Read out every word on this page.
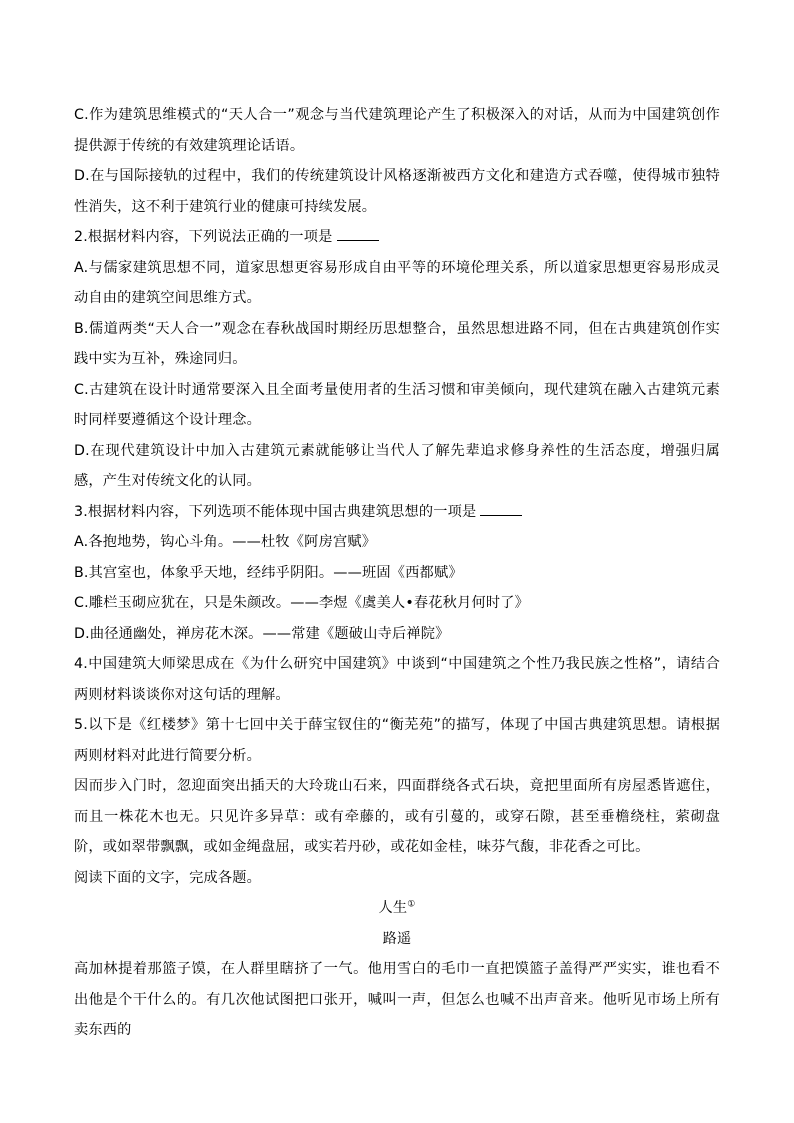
C.作为建筑思维模式的“天人合一”观念与当代建筑理论产生了积极深入的对话，从而为中国建筑创作提供源于传统的有效建筑理论话语。

D.在与国际接轨的过程中，我们的传统建筑设计风格逐渐被西方文化和建造方式吞噬，使得城市独特性消失，这不利于建筑行业的健康可持续发展。

2.根据材料内容，下列说法正确的一项是

A.与儒家建筑思想不同，道家思想更容易形成自由平等的环境伦理关系，所以道家思想更容易形成灵动自由的建筑空间思维方式。

B.儒道两类“天人合一”观念在春秋战国时期经历思想整合，虽然思想进路不同，但在古典建筑创作实践中实为互补，殊途同归。

C.古建筑在设计时通常要深入且全面考量使用者的生活习惯和审美倾向，现代建筑在融入古建筑元素时同样要遵循这个设计理念。

D.在现代建筑设计中加入古建筑元素就能够让当代人了解先辈追求修身养性的生活态度，增强归属感，产生对传统文化的认同。

3.根据材料内容，下列选项不能体现中国古典建筑思想的一项是

A.各抱地势，钩心斗角。——杜牧《阿房宫赋》

B.其宫室也，体象乎天地，经纬乎阴阳。——班固《西都赋》

C.雕栏玉砌应犹在，只是朱颜改。——李煜《虞美人•春花秋月何时了》

D.曲径通幽处，禅房花木深。——常建《题破山寺后禅院》

4.中国建筑大师梁思成在《为什么研究中国建筑》中谈到“中国建筑之个性乃我民族之性格”，请结合两则材料谈谈你对这句话的理解。

5.以下是《红楼梦》第十七回中关于薛宝钗住的“衡芜苑”的描写，体现了中国古典建筑思想。请根据两则材料对此进行简要分析。

因而步入门时，忽迎面突出插天的大玲珑山石来，四面群绕各式石块，竟把里面所有房屋悉皆遮住，而且一株花木也无。只见许多异草：或有牵藤的，或有引蔓的，或穿石隙，甚至垂檐绕柱，萦砌盘阶，或如翠带飘飘，或如金绳盘屈，或实若丹砂，或花如金桂，味芬气馥，非花香之可比。

阅读下面的文字，完成各题。

人生①

路遥

高加林提着那篮子馍，在人群里瞎挤了一气。他用雪白的毛巾一直把馍篮子盖得严严实实，谁也看不出他是个干什么的。有几次他试图把口张开，喊叫一声，但怎么也喊不出声音来。他听见市场上所有卖东西的
